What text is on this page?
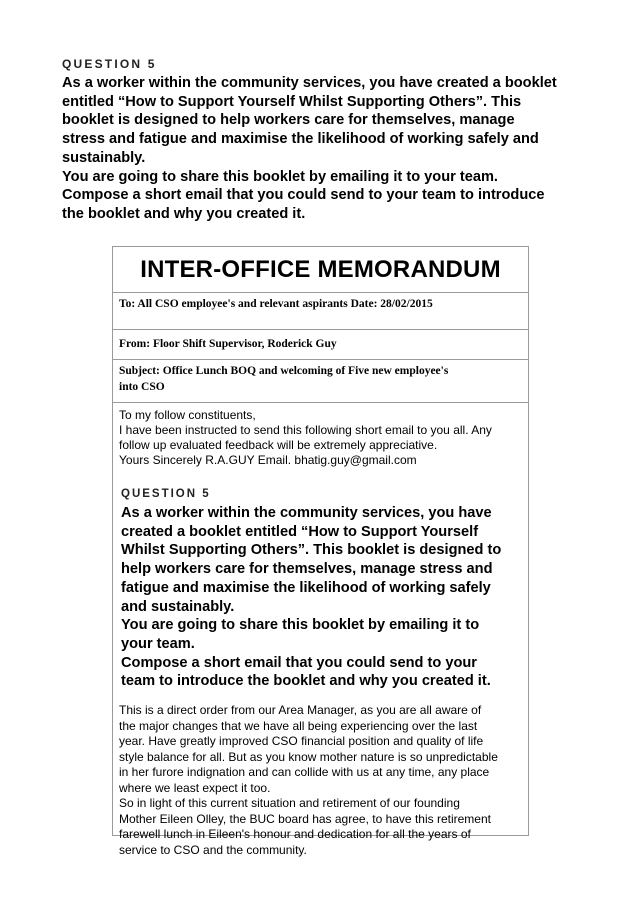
QUESTION 5
As a worker within the community services, you have created a booklet
entitled “How to Support Yourself Whilst Supporting Others”. This
booklet is designed to help workers care for themselves, manage
stress and fatigue and maximise the likelihood of working safely and
sustainably.
You are going to share this booklet by emailing it to your team.
Compose a short email that you could send to your team to introduce
the booklet and why you created it.
INTER-OFFICE MEMORANDUM
To: All CSO employee's and relevant aspirants Date: 28/02/2015
From: Floor Shift Supervisor, Roderick Guy
Subject: Office Lunch BOQ and welcoming of Five new employee's
into CSO
To my follow constituents,
I have been instructed to send this following short email to you all. Any
follow up evaluated feedback will be extremely appreciative.
Yours Sincerely R.A.GUY Email. bhatig.guy@gmail.com
QUESTION 5
As a worker within the community services, you have
created a booklet entitled “How to Support Yourself
Whilst Supporting Others”. This booklet is designed to
help workers care for themselves, manage stress and
fatigue and maximise the likelihood of working safely
and sustainably.
You are going to share this booklet by emailing it to
your team.
Compose a short email that you could send to your
team to introduce the booklet and why you created it.
This is a direct order from our Area Manager, as you are all aware of
the major changes that we have all being experiencing over the last
year. Have greatly improved CSO financial position and quality of life
style balance for all. But as you know mother nature is so unpredictable
in her furore indignation and can collide with us at any time, any place
where we least expect it too.
So in light of this current situation and retirement of our founding
Mother Eileen Olley, the BUC board has agree, to have this retirement
farewell lunch in Eileen's honour and dedication for all the years of
service to CSO and the community.
